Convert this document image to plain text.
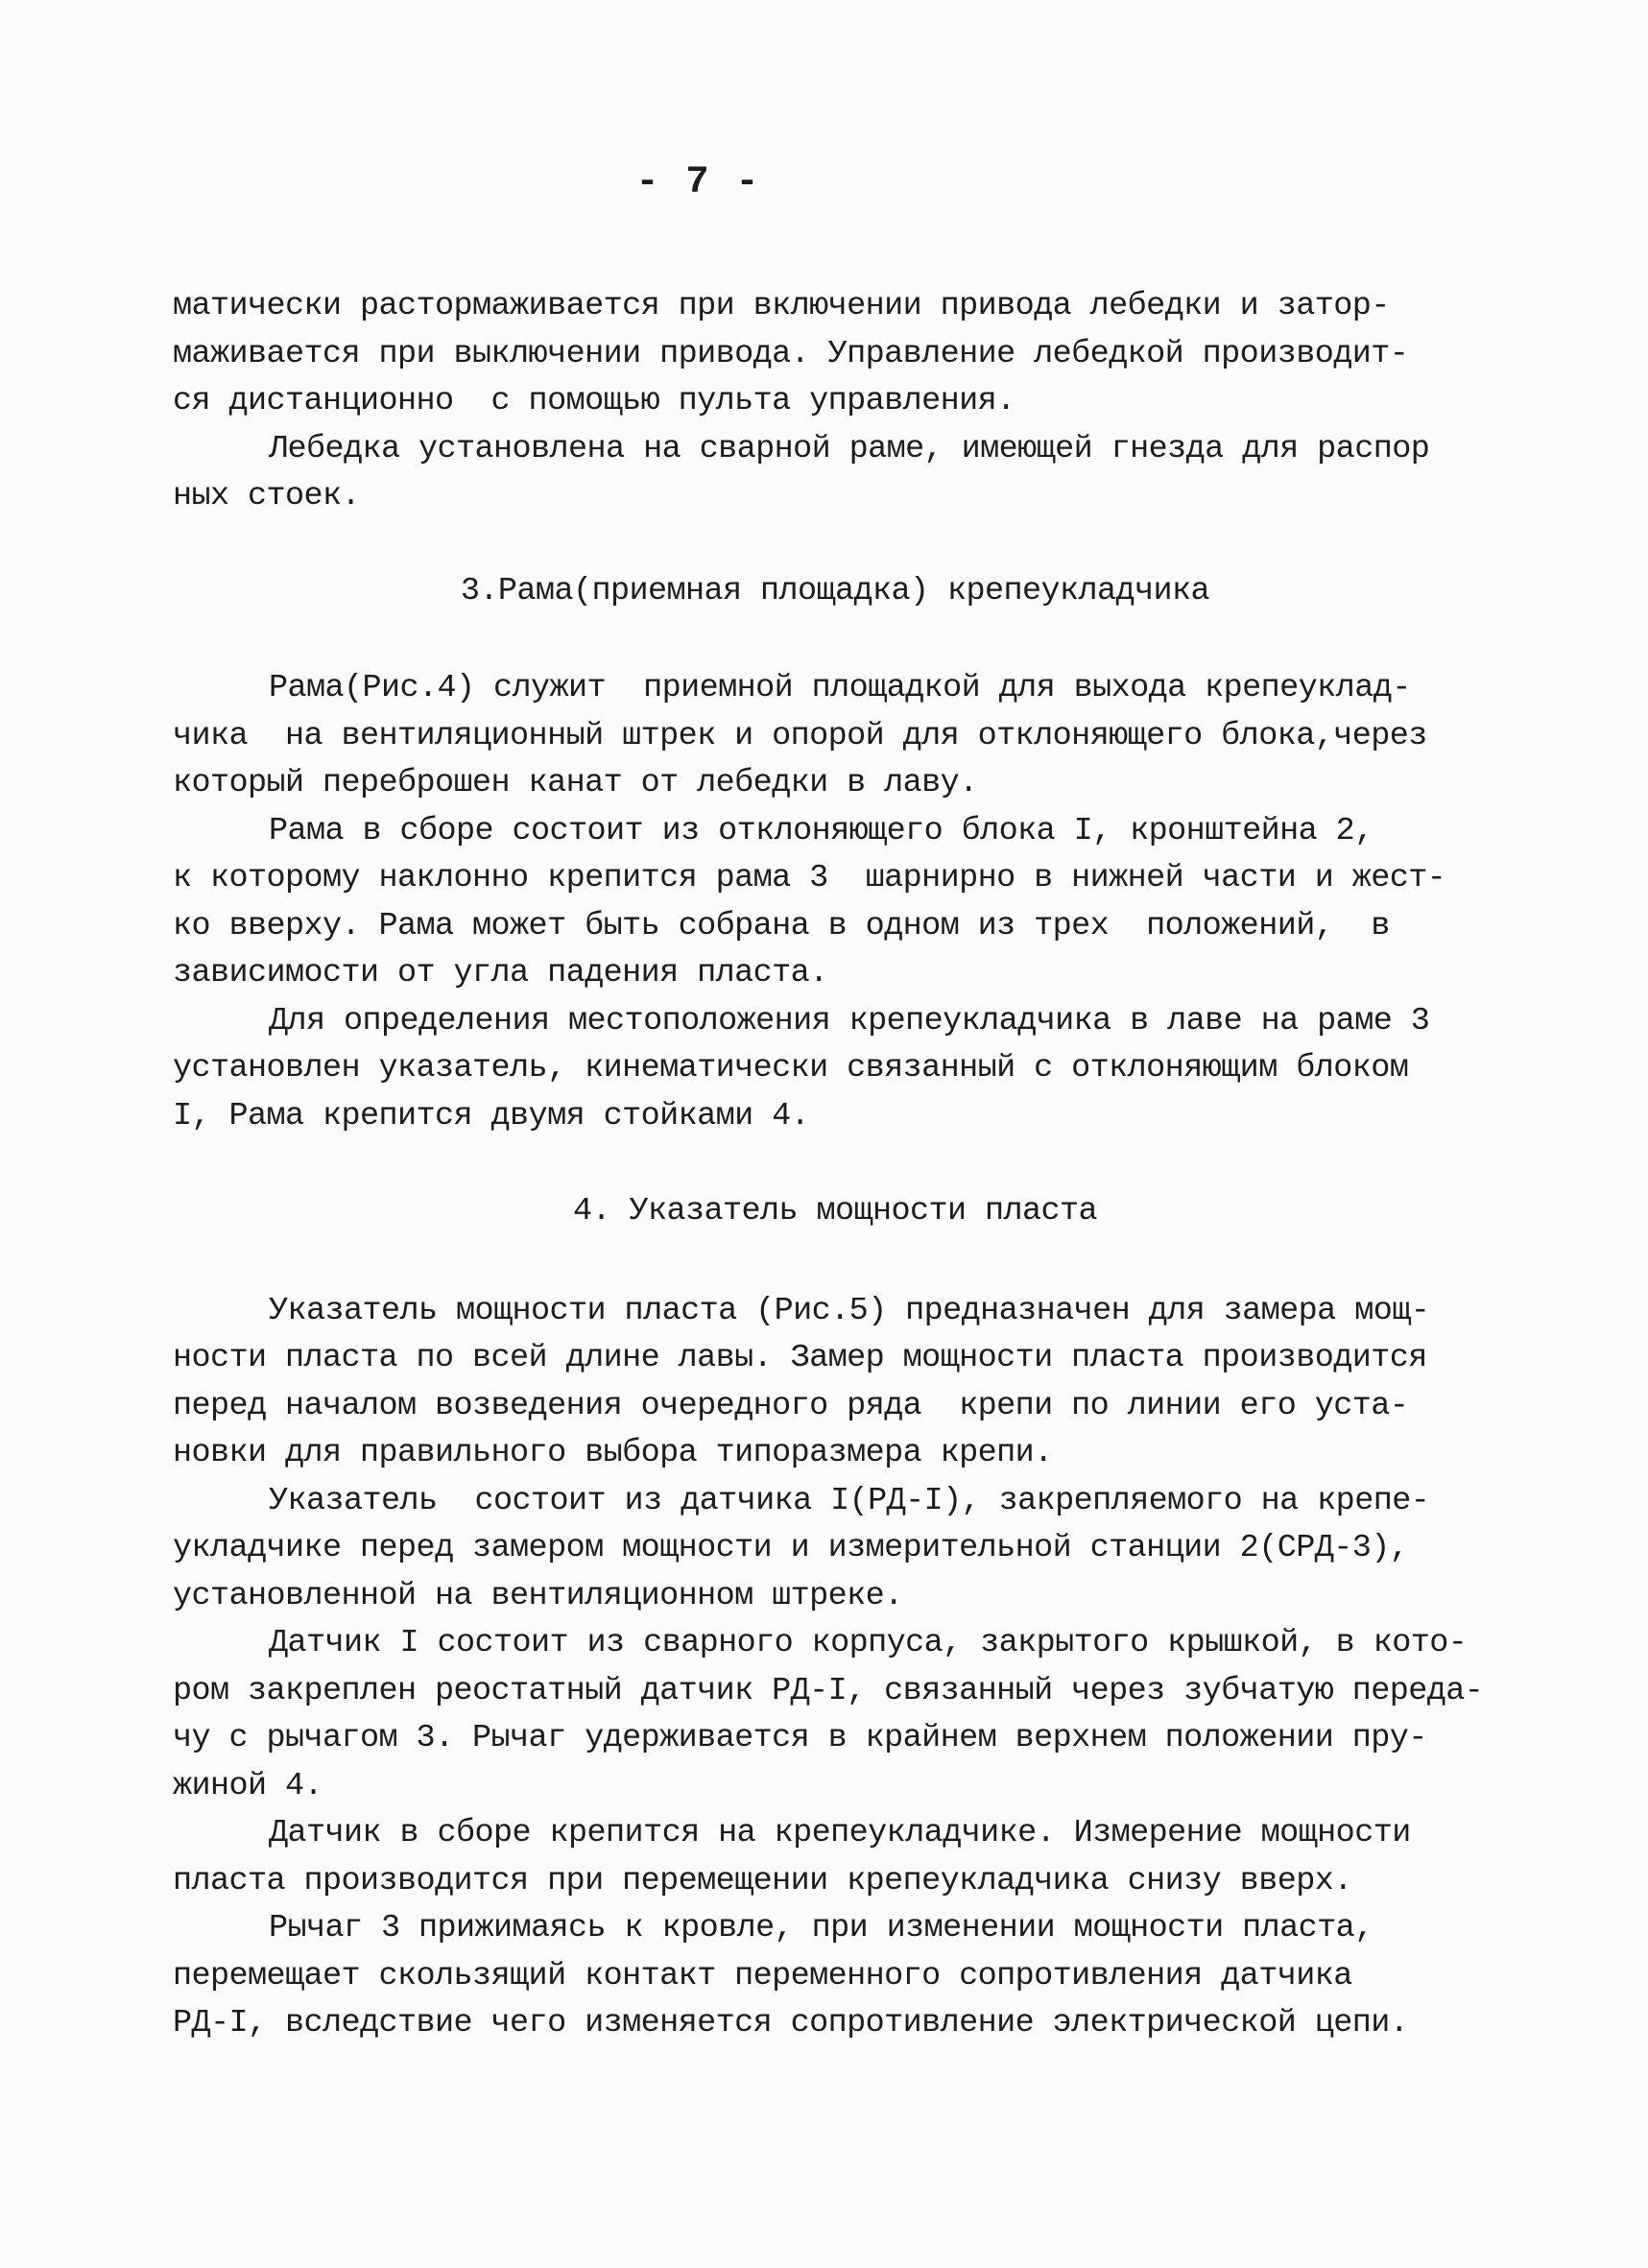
- 7 -
матически растормаживается при включении привода лебедки и затор-
маживается при выключении привода. Управление лебедкой производит-
ся дистанционно  с помощью пульта управления.
Лебедка установлена на сварной раме, имеющей гнезда для распор
ных стоек.
3.Рама(приемная площадка) крепеукладчика
Рама(Рис.4) служит  приемной площадкой для выхода крепеуклад-
чика  на вентиляционный штрек и опорой для отклоняющего блока,через
который переброшен канат от лебедки в лаву.
Рама в сборе состоит из отклоняющего блока I, кронштейна 2,
к которому наклонно крепится рама 3  шарнирно в нижней части и жест-
ко вверху. Рама может быть собрана в одном из трех  положений,  в
зависимости от угла падения пласта.
Для определения местоположения крепеукладчика в лаве на раме 3
установлен указатель, кинематически связанный с отклоняющим блоком
I, Рама крепится двумя стойками 4.
4. Указатель мощности пласта
Указатель мощности пласта (Рис.5) предназначен для замера мощ-
ности пласта по всей длине лавы. Замер мощности пласта производится
перед началом возведения очередного ряда  крепи по линии его уста-
новки для правильного выбора типоразмера крепи.
Указатель  состоит из датчика I(РД-I), закрепляемого на крепе-
укладчике перед замером мощности и измерительной станции 2(СРД-3),
установленной на вентиляционном штреке.
Датчик I состоит из сварного корпуса, закрытого крышкой, в кото-
ром закреплен реостатный датчик РД-I, связанный через зубчатую переда-
чу с рычагом 3. Рычаг удерживается в крайнем верхнем положении пру-
жиной 4.
Датчик в сборе крепится на крепеукладчике. Измерение мощности
пласта производится при перемещении крепеукладчика снизу вверх.
Рычаг 3 прижимаясь к кровле, при изменении мощности пласта,
перемещает скользящий контакт переменного сопротивления датчика
РД-I, вследствие чего изменяется сопротивление электрической цепи.
